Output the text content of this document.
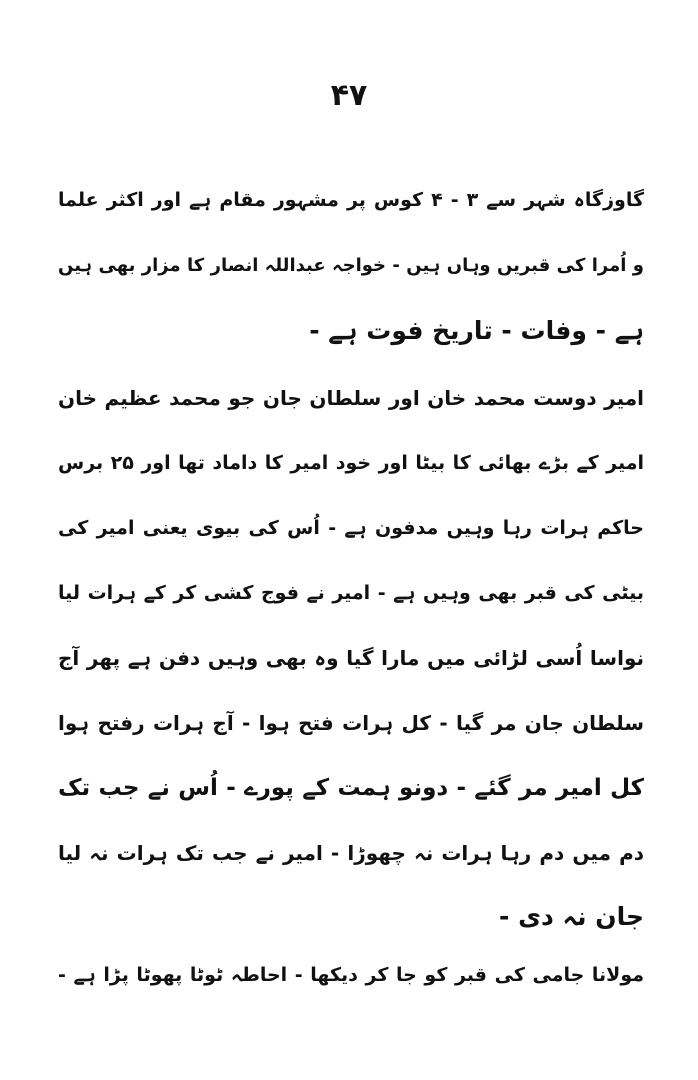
۴۷
گاوزگاہ شہر سے ۳ - ۴ کوس پر مشہور مقام ہے اور اکثر علما
و اُمرا کی قبریں وہاں ہیں - خواجہ عبداللہ انصار کا مزار بھی ہیں
ہے - وفات - تاریخ فوت ہے -
امیر دوست محمد خان اور سلطان جان جو محمد عظیم خان
امیر کے بڑے بھائی کا بیٹا اور خود امیر کا داماد تھا اور ۲۵ برس
حاکم ہرات رہا وہیں مدفون ہے - اُس کی بیوی یعنی امیر کی
بیٹی کی قبر بھی وہیں ہے - امیر نے فوج کشی کر کے ہرات لیا
نواسا اُسی لڑائی میں مارا گیا وہ بھی وہیں دفن ہے پھر آج
سلطان جان مر گیا - کل ہرات فتح ہوا - آج ہرات رفتح ہوا
کل امیر مر گئے - دونو ہمت کے پورے - اُس نے جب تک
دم میں دم رہا ہرات نہ چھوڑا - امیر نے جب تک ہرات نہ لیا
جان نہ دی -
مولانا جامی کی قبر کو جا کر دیکھا - احاطہ ٹوٹا پھوٹا پڑا ہے -
